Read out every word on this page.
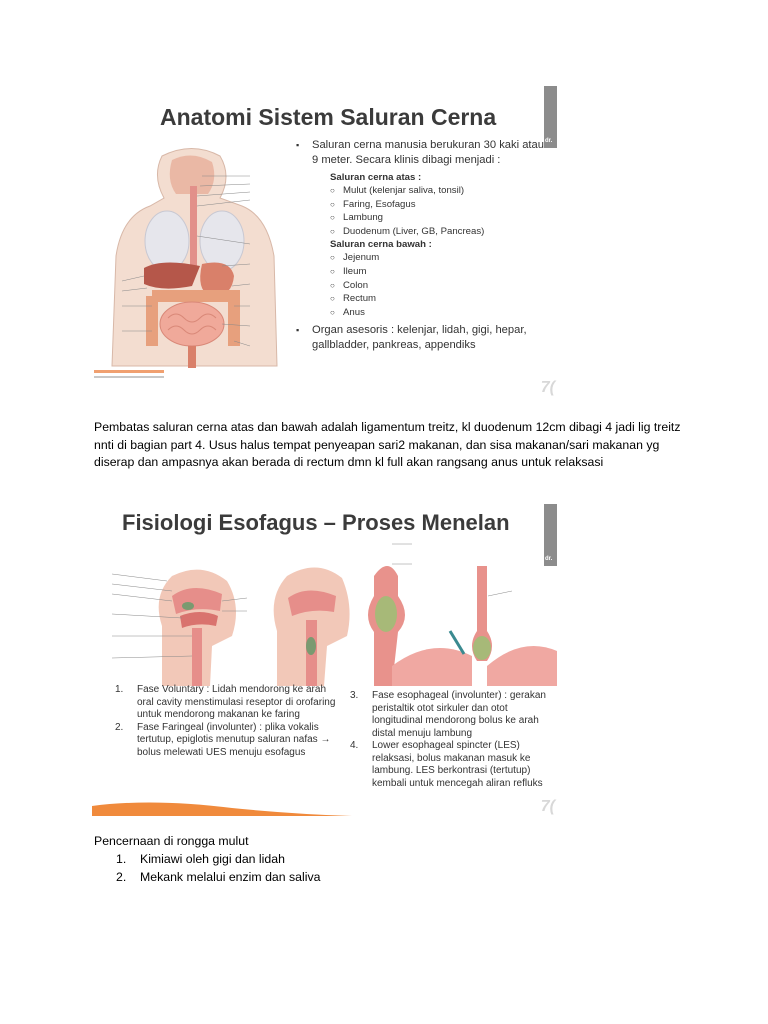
Anatomi Sistem Saluran Cerna
dr.
▪ Saluran cerna manusia berukuran 30 kaki atau 9 meter. Secara klinis dibagi menjadi :
Saluran cerna atas :
○ Mulut (kelenjar saliva, tonsil)
○ Faring, Esofagus
○ Lambung
○ Duodenum (Liver, GB, Pancreas)
Saluran cerna bawah :
○ Jejenum
○ Ileum
○ Colon
○ Rectum
○ Anus
▪ Organ asesoris : kelenjar, lidah, gigi, hepar, gallbladder, pankreas, appendiks
7(
Pembatas saluran cerna atas dan bawah adalah ligamentum treitz, kl duodenum 12cm dibagi 4 jadi lig treitz nnti di bagian part 4. Usus halus tempat penyeapan sari2 makanan, dan sisa makanan/sari makanan yg diserap dan ampasnya akan berada di rectum dmn kl full akan rangsang anus untuk relaksasi
Fisiologi Esofagus – Proses Menelan
dr.
1. Fase Voluntary : Lidah mendorong ke arah oral cavity menstimulasi reseptor di orofaring untuk mendorong makanan ke faring
2. Fase Faringeal (involunter) : plika vokalis tertutup, epiglotis menutup saluran nafas → bolus melewati UES menuju esofagus
3. Fase esophageal (involunter) : gerakan peristaltik otot sirkuler dan otot longitudinal mendorong bolus ke arah distal menuju lambung
4. Lower esophageal spincter (LES) relaksasi, bolus makanan masuk ke lambung. LES berkontrasi (tertutup) kembali untuk mencegah aliran refluks
7(
Pencernaan di rongga mulut
1. Kimiawi oleh gigi dan lidah
2. Mekank melalui enzim dan saliva
